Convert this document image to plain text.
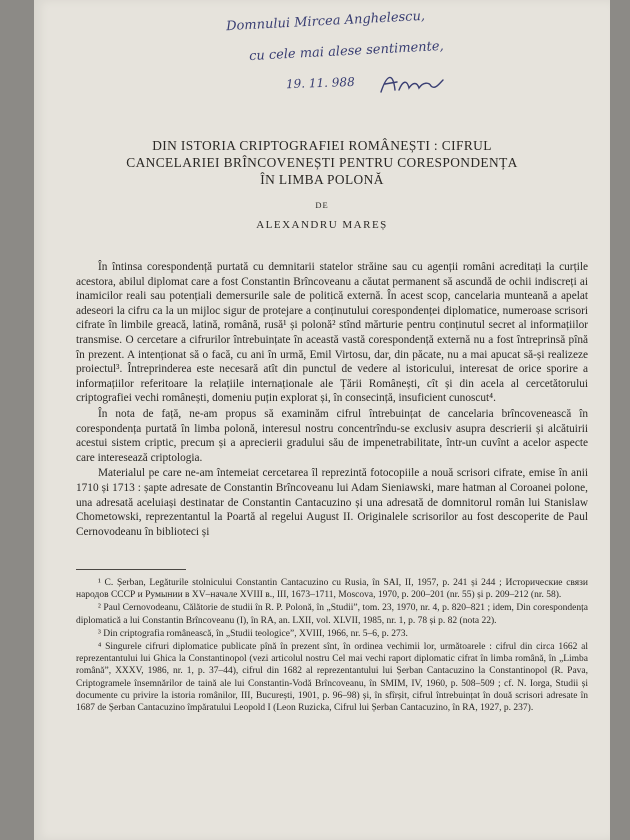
Domnului Mircea Anghelescu,
cu cele mai alese sentimente,
19. 11. 988
DIN ISTORIA CRIPTOGRAFIEI ROMÂNEȘTI : CIFRUL
CANCELARIEI BRÎNCOVENEȘTI PENTRU CORESPONDENȚA
ÎN LIMBA POLONĂ
DE
ALEXANDRU MAREȘ

În întinsa corespondență purtată cu demnitarii statelor străine sau cu agenții români acreditați la curțile acestora, abilul diplomat care a fost Constantin Brîncoveanu a căutat permanent să ascundă de ochii indiscreți ai inamicilor reali sau potențiali demersurile sale de politică externă. În acest scop, cancelaria munteană a apelat adeseori la cifru ca la un mijloc sigur de protejare a conținutului corespondenței diplomatice, numeroase scrisori cifrate în limbile greacă, latină, română, rusă¹ și polonă² stînd mărturie pentru conținutul secret al informațiilor transmise. O cercetare a cifrurilor întrebuințate în această vastă corespondență externă nu a fost întreprinsă pînă în prezent. A intenționat să o facă, cu ani în urmă, Emil Virtosu, dar, din păcate, nu a mai apucat să-și realizeze proiectul³. Întreprinderea este necesară atît din punctul de vedere al istoricului, interesat de orice sporire a informațiilor referitoare la relațiile internaționale ale Țării Românești, cît și din acela al cercetătorului criptografiei vechi românești, domeniu puțin explorat și, în consecință, insuficient cunoscut⁴.

În nota de față, ne-am propus să examinăm cifrul întrebuințat de cancelaria brîncovenească în corespondența purtată în limba polonă, interesul nostru concentrîndu-se exclusiv asupra descrierii și alcătuirii acestui sistem criptic, precum și a aprecierii gradului său de impenetrabilitate, într-un cuvînt a acelor aspecte care interesează criptologia.

Materialul pe care ne-am întemeiat cercetarea îl reprezintă fotocopiile a nouă scrisori cifrate, emise în anii 1710 și 1713 : șapte adresate de Constantin Brîncoveanu lui Adam Sieniawski, mare hatman al Coroanei polone, una adresată aceluiași destinatar de Constantin Cantacuzino și una adresată de domnitorul român lui Stanislaw Chometowski, reprezentantul la Poartă al regelui August II. Originalele scrisorilor au fost descoperite de Paul Cernovodeanu în biblioteci și

¹ C. Șerban, Legăturile stolnicului Constantin Cantacuzino cu Rusia, în SAI, II, 1957, p. 241 și 244 ; Исторические связи народов СССР и Румынии в XV–начале XVIII в., III, 1673–1711, Moscova, 1970, p. 200–201 (nr. 55) și p. 209–212 (nr. 58).

² Paul Cernovodeanu, Călătorie de studii în R. P. Polonă, în „Studii”, tom. 23, 1970, nr. 4, p. 820–821 ; idem, Din corespondența diplomatică a lui Constantin Brîncoveanu (I), în RA, an. LXII, vol. XLVII, 1985, nr. 1, p. 78 și p. 82 (nota 22).

³ Din criptografia românească, în „Studii teologice”, XVIII, 1966, nr. 5–6, p. 273.

⁴ Singurele cifruri diplomatice publicate pînă în prezent sînt, în ordinea vechimii lor, următoarele : cifrul din circa 1662 al reprezentantului lui Ghica la Constantinopol (vezi articolul nostru Cel mai vechi raport diplomatic cifrat în limba română, în „Limba română”, XXXV, 1986, nr. 1, p. 37–44), cifrul din 1682 al reprezentantului lui Șerban Cantacuzino la Constantinopol (R. Pava, Criptogramele însemnărilor de taină ale lui Constantin-Vodă Brîncoveanu, în SMIM, IV, 1960, p. 508–509 ; cf. N. Iorga, Studii și documente cu privire la istoria românilor, III, București, 1901, p. 96–98) și, în sfîrșit, cifrul întrebuințat în două scrisori adresate în 1687 de Șerban Cantacuzino împăratului Leopold I (Leon Ruzicka, Cifrul lui Șerban Cantacuzino, în RA, 1927, p. 237).
